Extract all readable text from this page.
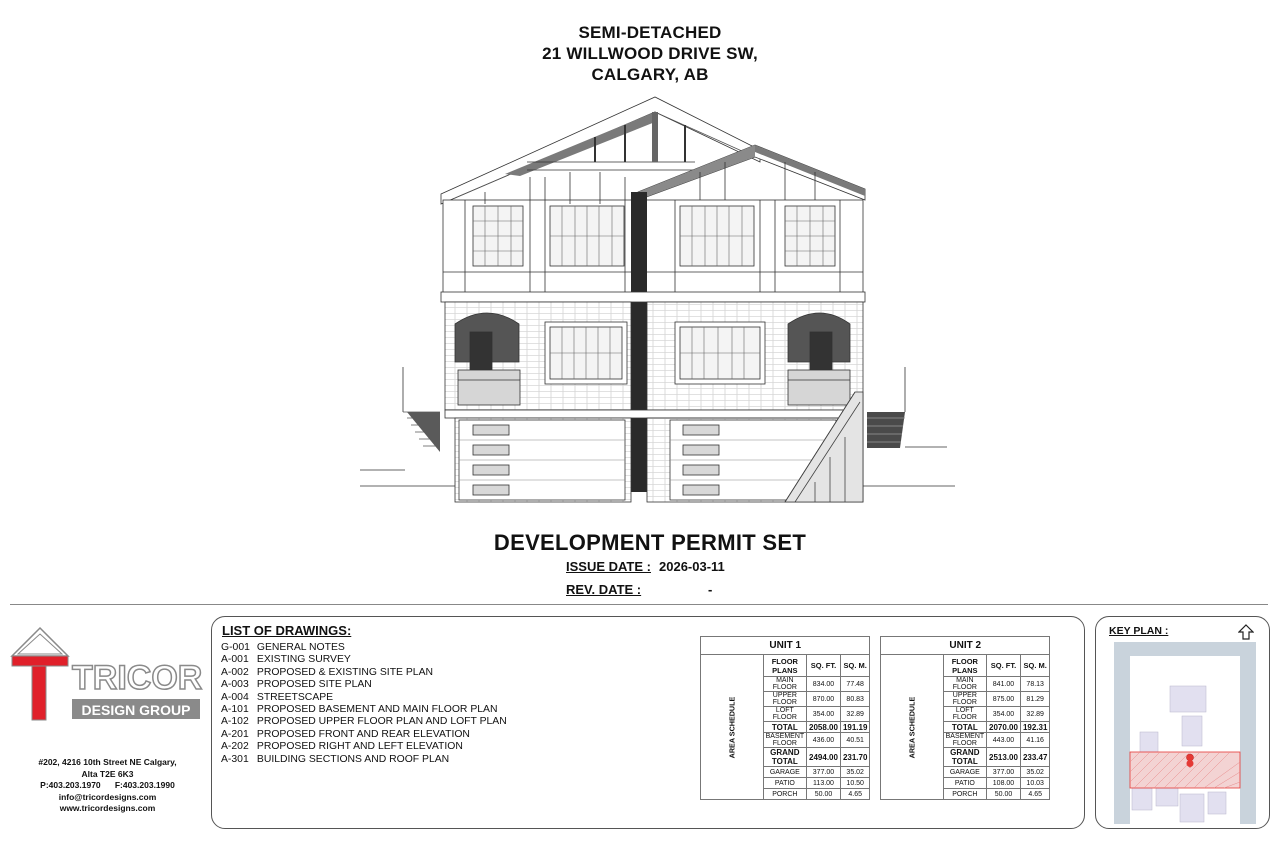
SEMI-DETACHED
21 WILLWOOD DRIVE SW,
CALGARY, AB
DEVELOPMENT PERMIT SET
ISSUE DATE : 2026-03-11
REV. DATE :	-
TRICOR
DESIGN GROUP
#202, 4216 10th Street NE Calgary,
Alta T2E 6K3
P:403.203.1970      F:403.203.1990
info@tricordesigns.com
www.tricordesigns.com
LIST OF DRAWINGS:
G-001 GENERAL NOTES
A-001 EXISTING SURVEY
A-002 PROPOSED & EXISTING SITE PLAN
A-003 PROPOSED SITE PLAN
A-004 STREETSCAPE
A-101 PROPOSED BASEMENT AND MAIN FLOOR PLAN
A-102 PROPOSED UPPER FLOOR PLAN AND LOFT PLAN
A-201 PROPOSED FRONT AND REAR ELEVATION
A-202 PROPOSED RIGHT AND LEFT ELEVATION
A-301 BUILDING SECTIONS AND ROOF PLAN
UNIT 1			
AREA SCHEDULE	FLOOR PLANS	SQ. FT.	SQ. M.
	MAIN FLOOR	834.00	77.48
	UPPER FLOOR	870.00	80.83
	LOFT FLOOR	354.00	32.89
	TOTAL	2058.00	191.19
	BASEMENT FLOOR	436.00	40.51
	GRAND TOTAL	2494.00	231.70
	GARAGE	377.00	35.02
	PATIO	113.00	10.50
	PORCH	50.00	4.65
UNIT 2			
AREA SCHEDULE	FLOOR PLANS	SQ. FT.	SQ. M.
	MAIN FLOOR	841.00	78.13
	UPPER FLOOR	875.00	81.29
	LOFT FLOOR	354.00	32.89
	TOTAL	2070.00	192.31
	BASEMENT FLOOR	443.00	41.16
	GRAND TOTAL	2513.00	233.47
	GARAGE	377.00	35.02
	PATIO	108.00	10.03
	PORCH	50.00	4.65
KEY PLAN :
